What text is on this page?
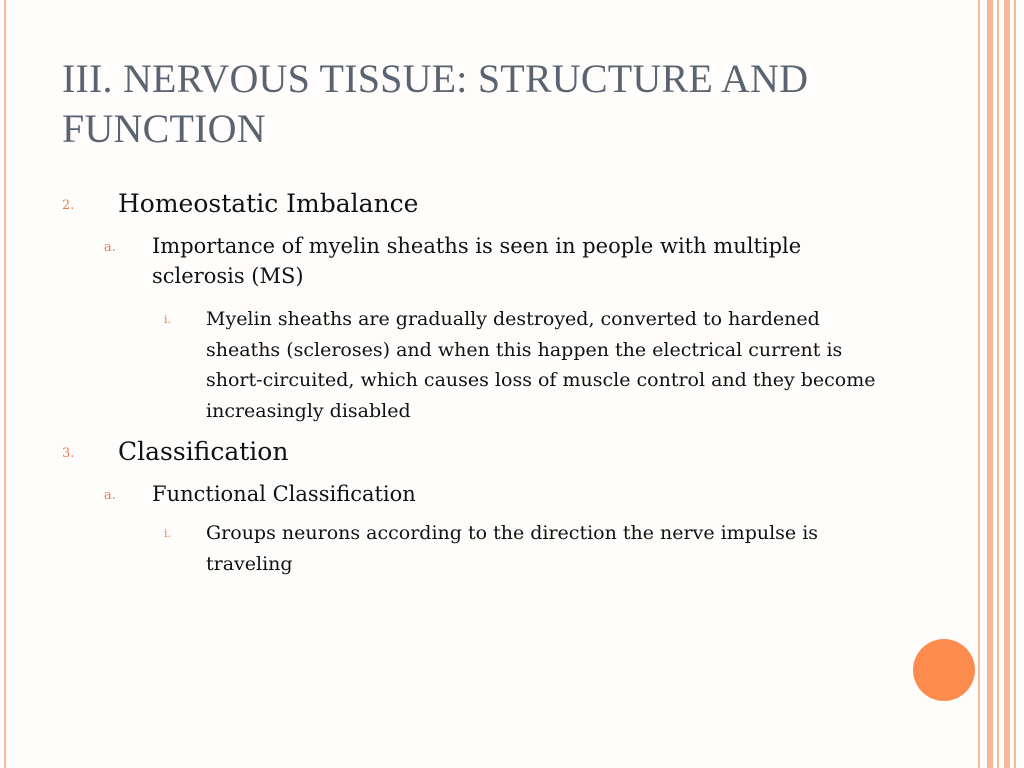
III. NERVOUS TISSUE: STRUCTURE AND FUNCTION
2. Homeostatic Imbalance
a. Importance of myelin sheaths is seen in people with multiple sclerosis (MS)
i. Myelin sheaths are gradually destroyed, converted to hardened sheaths (scleroses) and when this happen the electrical current is short-circuited, which causes loss of muscle control and they become increasingly disabled
3. Classification
a. Functional Classification
i. Groups neurons according to the direction the nerve impulse is traveling
